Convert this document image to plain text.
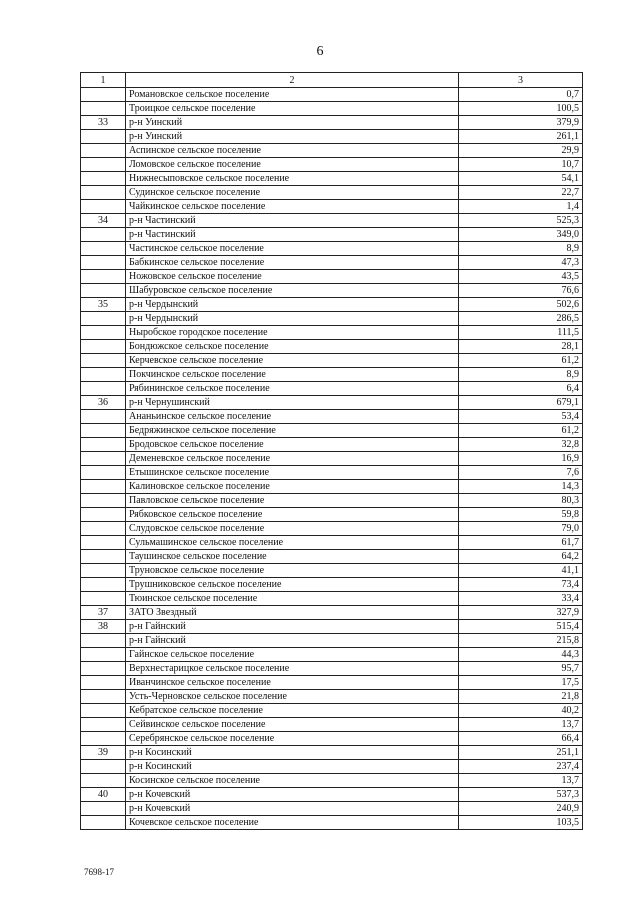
6
1	2	3
	Романовское сельское поселение	0,7
	Троицкое сельское поселение	100,5
33	р-н Уинский	379,9
	р-н Уинский	261,1
	Аспинское сельское поселение	29,9
	Ломовское сельское поселение	10,7
	Нижнесыповское сельское поселение	54,1
	Судинское сельское поселение	22,7
	Чайкинское сельское поселение	1,4
34	р-н Частинский	525,3
	р-н Частинский	349,0
	Частинское сельское поселение	8,9
	Бабкинское сельское поселение	47,3
	Ножовское сельское поселение	43,5
	Шабуровское сельское поселение	76,6
35	р-н Чердынский	502,6
	р-н Чердынский	286,5
	Ныробское городское поселение	111,5
	Бондюжское сельское поселение	28,1
	Керчевское сельское поселение	61,2
	Покчинское сельское поселение	8,9
	Рябининское сельское поселение	6,4
36	р-н Чернушинский	679,1
	Ананьинское сельское поселение	53,4
	Бедряжинское сельское поселение	61,2
	Бродовское сельское поселение	32,8
	Деменевское сельское поселение	16,9
	Етышинское сельское поселение	7,6
	Калиновское сельское поселение	14,3
	Павловское сельское поселение	80,3
	Рябковское сельское поселение	59,8
	Слудовское сельское поселение	79,0
	Сульмашинское сельское поселение	61,7
	Таушинское сельское поселение	64,2
	Труновское сельское поселение	41,1
	Трушниковское сельское поселение	73,4
	Тюинское сельское поселение	33,4
37	ЗАТО Звездный	327,9
38	р-н Гайнский	515,4
	р-н Гайнский	215,8
	Гайнское сельское поселение	44,3
	Верхнестарицкое сельское поселение	95,7
	Иванчинское сельское поселение	17,5
	Усть-Черновское сельское поселение	21,8
	Кебратское сельское поселение	40,2
	Сейвинское сельское поселение	13,7
	Серебрянское сельское поселение	66,4
39	р-н Косинский	251,1
	р-н Косинский	237,4
	Косинское сельское поселение	13,7
40	р-н Кочевский	537,3
	р-н Кочевский	240,9
	Кочевское сельское поселение	103,5
7698-17
